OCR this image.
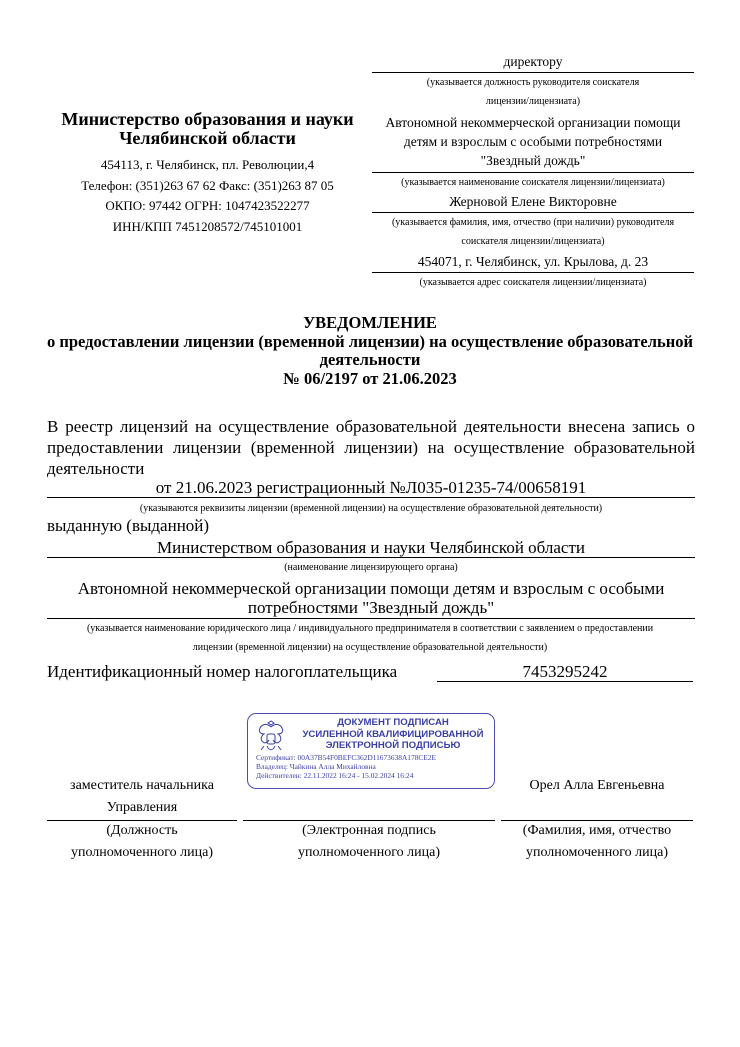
Министерство образования и науки
Челябинской области
454113, г. Челябинск, пл. Революции,4
Телефон: (351)263 67 62 Факс: (351)263 87 05
ОКПО: 97442 ОГРН: 1047423522277
ИНН/КПП 7451208572/745101001
директору
(указывается должность руководителя соискателя
лицензии/лицензиата)
Автономной некоммерческой организации помощи
детям и взрослым с особыми потребностями
"Звездный дождь"
(указывается наименование соискателя лицензии/лицензиата)
Жерновой Елене Викторовне
(указывается фамилия, имя, отчество (при наличии) руководителя
соискателя лицензии/лицензиата)
454071, г. Челябинск, ул. Крылова, д. 23
(указывается адрес соискателя лицензии/лицензиата)
УВЕДОМЛЕНИЕ
о предоставлении лицензии (временной лицензии) на осуществление образовательной
деятельности
№ 06/2197 от 21.06.2023
В реестр лицензий на осуществление образовательной деятельности внесена запись о предоставлении лицензии (временной лицензии) на осуществление образовательной деятельности
от 21.06.2023 регистрационный №Л035-01235-74/00658191
(указываются реквизиты лицензии (временной лицензии) на осуществление образовательной деятельности)
выданную (выданной)
Министерством образования и науки Челябинской области
(наименование лицензирующего органа)
Автономной некоммерческой организации помощи детям и взрослым с особыми
потребностями "Звездный дождь"
(указывается наименование юридического лица / индивидуального предпринимателя в соответствии с заявлением о предоставлении
лицензии (временной лицензии) на осуществление образовательной деятельности)
Идентификационный номер налогоплательщика	7453295242
ДОКУМЕНТ ПОДПИСАН
УСИЛЕННОЙ КВАЛИФИЦИРОВАННОЙ
ЭЛЕКТРОННОЙ ПОДПИСЬЮ
Сертификат: 00A37B54F0BEFC362D11673638A178CE2E
Владелец: Чайкина Алла Михайловна
Действителен: 22.11.2022 16:24 - 15.02.2024 16:24
заместитель начальника
Управления
Орел Алла Евгеньевна
(Должность
уполномоченного лица)
(Электронная подпись
уполномоченного лица)
(Фамилия, имя, отчество
уполномоченного лица)
